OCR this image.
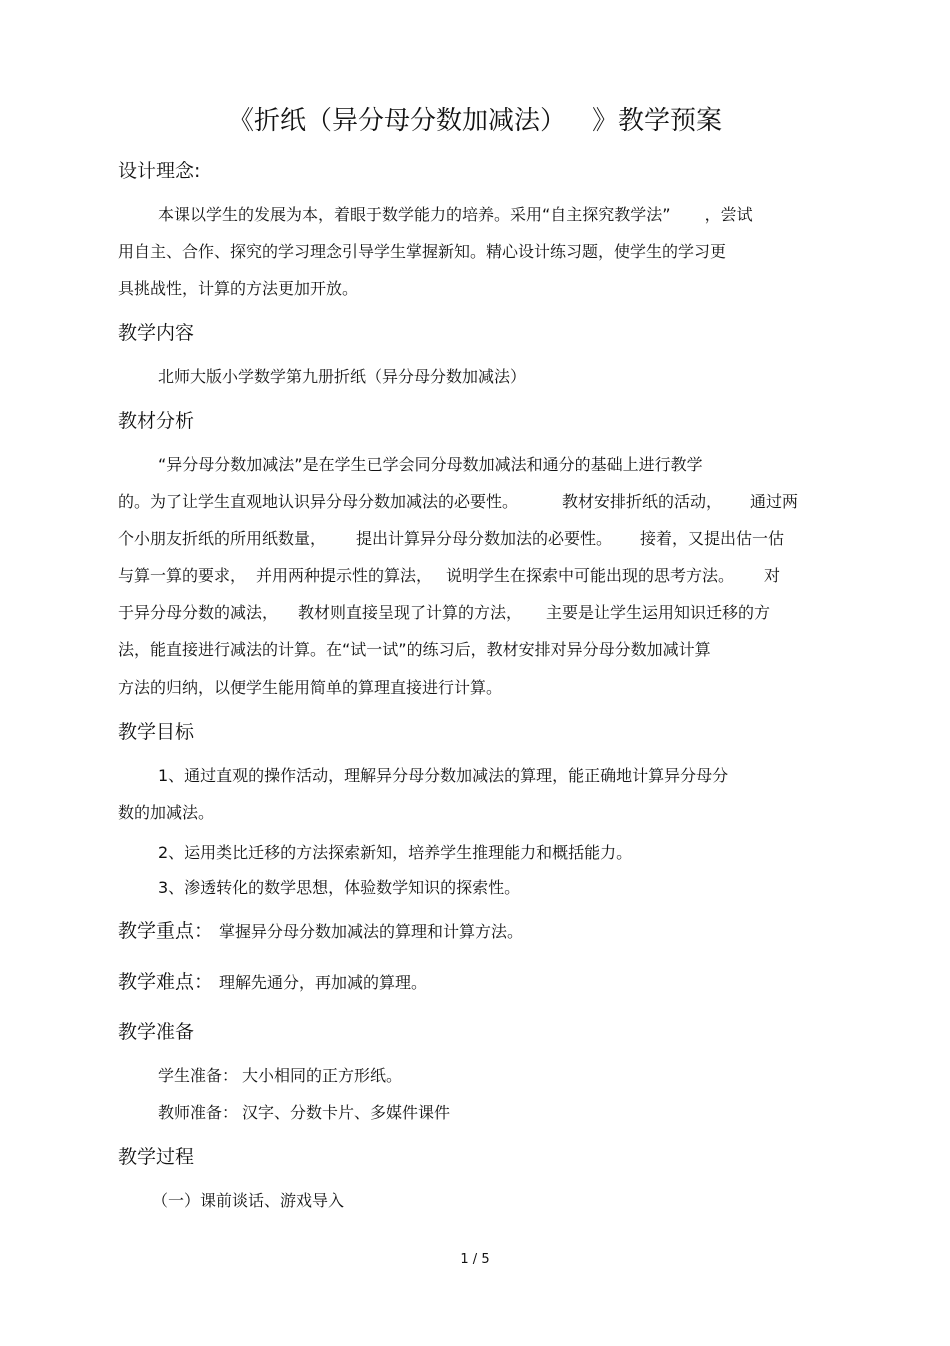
《折纸（异分母分数加减法） 》教学预案
设计理念:
本课以学生的发展为本，着眼于数学能力的培养。采用“自主探究教学法” ，尝试
用自主、合作、探究的学习理念引导学生掌握新知。精心设计练习题，使学生的学习更
具挑战性，计算的方法更加开放。
教学内容
北师大版小学数学第九册折纸（异分母分数加减法）
教材分析
“异分母分数加减法”是在学生已学会同分母数加减法和通分的基础上进行教学
的。为了让学生直观地认识异分母分数加减法的必要性。	教材安排折纸的活动， 通过两
个小朋友折纸的所用纸数量， 提出计算异分母分数加法的必要性。 接着，又提出估一估
与算一算的要求， 并用两种提示性的算法， 说明学生在探索中可能出现的思考方法。 对
于异分母分数的减法， 教材则直接呈现了计算的方法， 主要是让学生运用知识迁移的方
法，能直接进行减法的计算。在“试一试”的练习后，教材安排对异分母分数加减计算
方法的归纳，以便学生能用简单的算理直接进行计算。
教学目标
1、通过直观的操作活动，理解异分母分数加减法的算理，能正确地计算异分母分
数的加减法。
2、运用类比迁移的方法探索新知，培养学生推理能力和概括能力。
3、渗透转化的数学思想，体验数学知识的探索性。
教学重点： 掌握异分母分数加减法的算理和计算方法。
教学难点： 理解先通分，再加减的算理。
教学准备
学生准备： 大小相同的正方形纸。
教师准备： 汉字、分数卡片、多媒件课件
教学过程
（一）课前谈话、游戏导入
1 / 5
